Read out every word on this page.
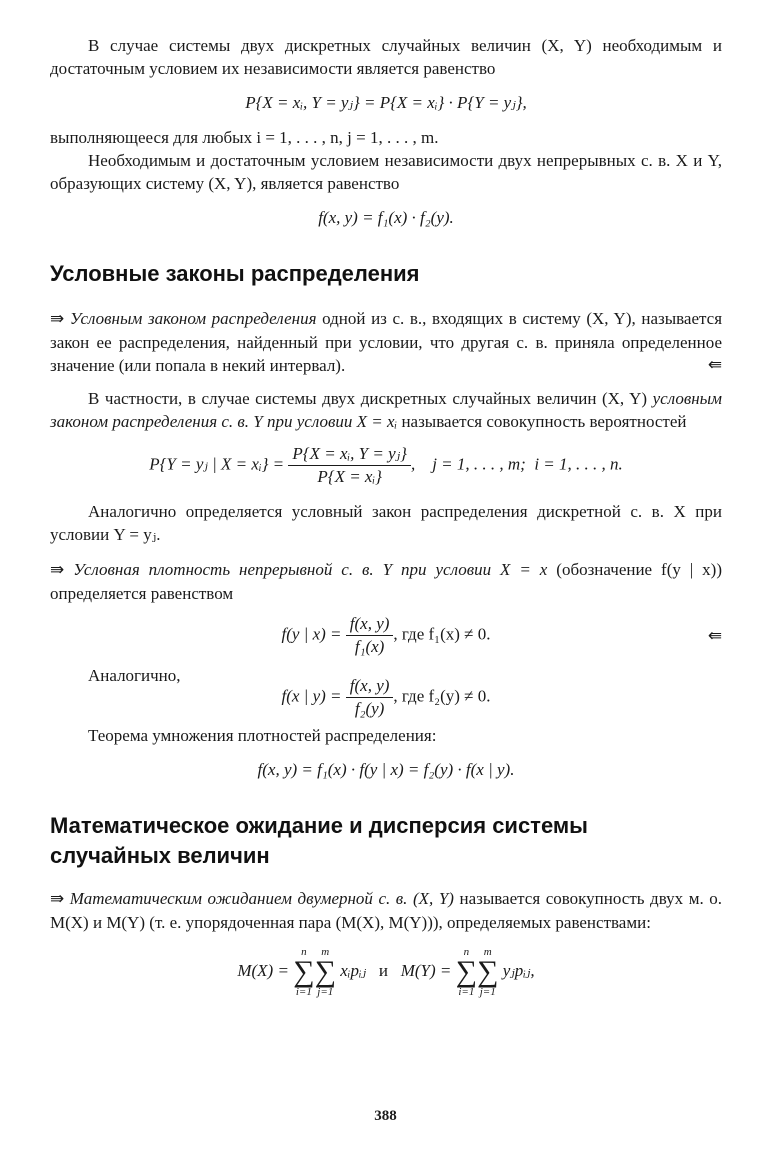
В случае системы двух дискретных случайных величин (X, Y) необходимым и достаточным условием их независимости является равенство

P{X = xᵢ, Y = yⱼ} = P{X = xᵢ} · P{Y = yⱼ},

выполняющееся для любых i = 1, . . . , n, j = 1, . . . , m.

Необходимым и достаточным условием независимости двух непрерывных с. в. X и Y, образующих систему (X, Y), является равенство

f(x, y) = f₁(x) · f₂(y).

Условные законы распределения

⇛ Условным законом распределения одной из с. в., входящих в систему (X, Y), называется закон ее распределения, найденный при условии, что другая с. в. приняла определенное значение (или попала в некий интервал).	⇚

В частности, в случае системы двух дискретных случайных величин (X, Y) условным законом распределения с. в. Y при условии X = xᵢ называется совокупность вероятностей

P{Y = yⱼ | X = xᵢ} = $\frac{\text{P\{X = xᵢ, Y = yⱼ\}}}{\text{P\{X = xᵢ\}}}$ ,    j = 1, . . . , m;  i = 1, . . . , n.

Аналогично определяется условный закон распределения дискретной с. в. X при условии Y = yⱼ.

⇛ Условная плотность непрерывной с. в. Y при условии X = x (обозначение f(y | x)) определяется равенством

f(y | $x) = \frac{f(x, y)}{\text{f₁(x)}}$ , где f₁(x) ≠ 0.	⇚

Аналогично,

f(x | $y) = \frac{f(x, y)}{\text{f₂(y)}}$ , где f₂(y) ≠ 0.

Теорема умножения плотностей распределения:

f(x, y) = f₁(x) · f(y | x) = f₂(y) · f(x | y).

Математическое ожидание и дисперсия системы
случайных величин

⇛ Математическим ожиданием двумерной с. в. (X, Y) называется совокупность двух м. о. M(X) и M(Y) (т. е. упорядоченная пара (M(X), M(Y))), определяемых равенствами:

M(X) =
n
∑
i=1
m
∑
j=1
xᵢpᵢⱼ и M(Y) =
n
∑
i=1
m
∑
j=1
yⱼpᵢⱼ,
388
